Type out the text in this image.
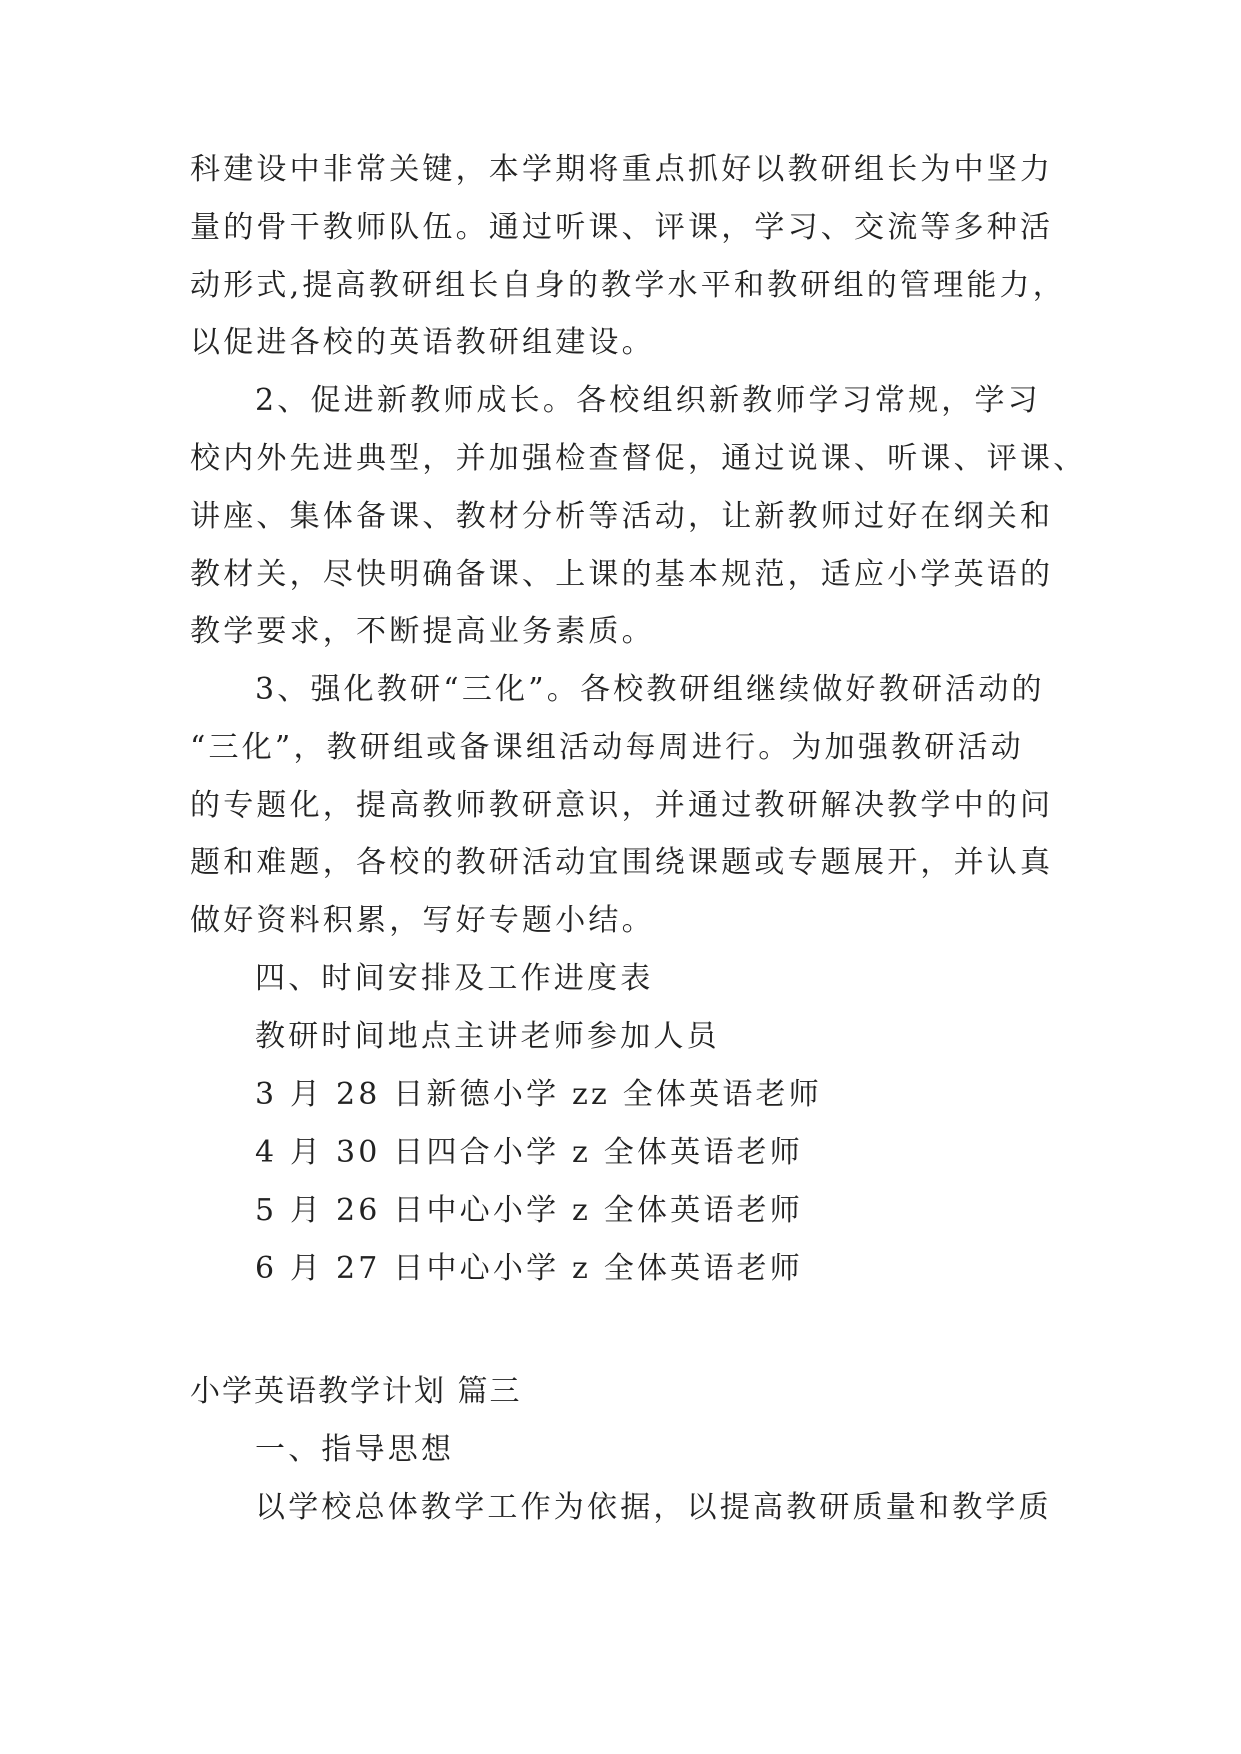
科建设中非常关键，本学期将重点抓好以教研组长为中坚力
量的骨干教师队伍。通过听课、评课，学习、交流等多种活
动形式,提高教研组长自身的教学水平和教研组的管理能力，
以促进各校的英语教研组建设。
2、促进新教师成长。各校组织新教师学习常规，学习
校内外先进典型，并加强检查督促，通过说课、听课、评课、
讲座、集体备课、教材分析等活动，让新教师过好在纲关和
教材关，尽快明确备课、上课的基本规范，适应小学英语的
教学要求，不断提高业务素质。
3、强化教研“三化”。各校教研组继续做好教研活动的
“三化”，教研组或备课组活动每周进行。为加强教研活动
的专题化，提高教师教研意识，并通过教研解决教学中的问
题和难题，各校的教研活动宜围绕课题或专题展开，并认真
做好资料积累，写好专题小结。
四、时间安排及工作进度表
教研时间地点主讲老师参加人员
3 月 28 日新德小学 zz 全体英语老师
4 月 30 日四合小学 z 全体英语老师
5 月 26 日中心小学 z 全体英语老师
6 月 27 日中心小学 z 全体英语老师
小学英语教学计划 篇三
一、指导思想
以学校总体教学工作为依据，以提高教研质量和教学质
